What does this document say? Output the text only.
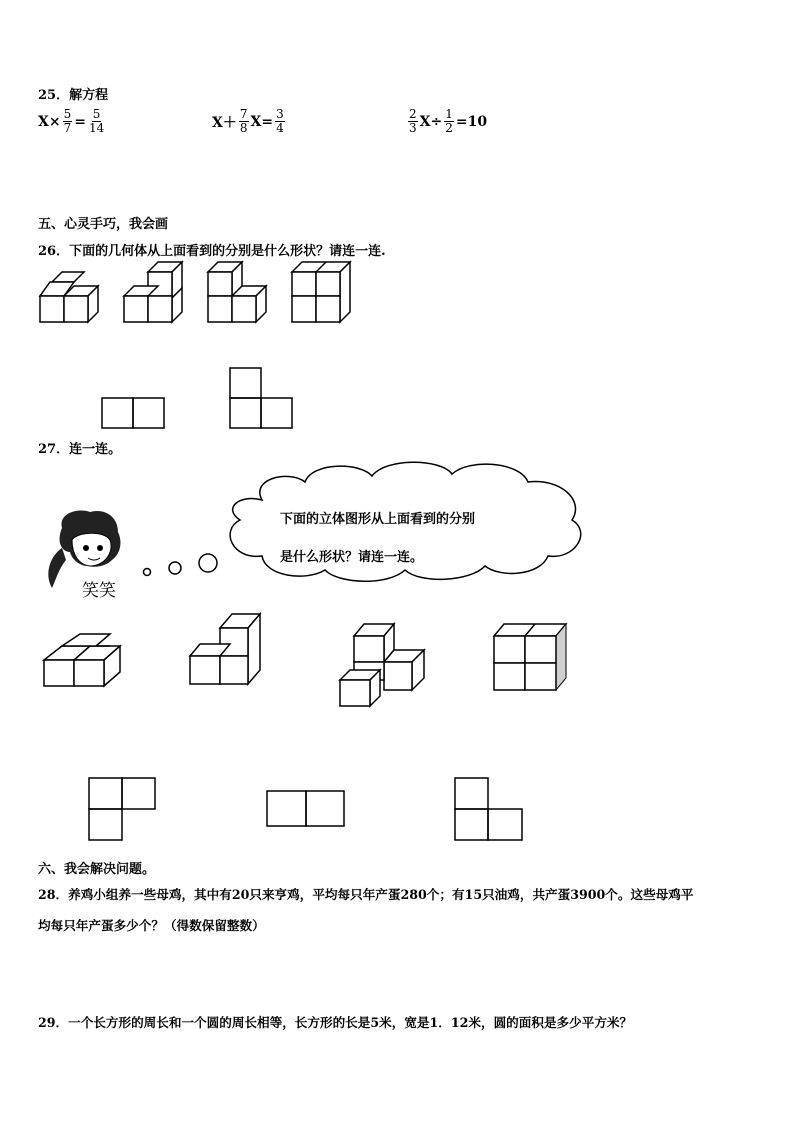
25．解方程
$X\times \frac{5}{7} = \frac{5}{14}$	$X+ \frac{7}{8} X= \frac{3}{4}$	$\frac{2}{3} X\div \frac{1}{2} =10$
五、心灵手巧，我会画
26．下面的几何体从上面看到的分别是什么形状？请连一连.
27．连一连。
下面的立体图形从上面看到的分别
是什么形状？请连一连。
笑笑
六、我会解决问题。
28．养鸡小组养一些母鸡，其中有20只来亨鸡，平均每只年产蛋280个；有15只油鸡，共产蛋3900个。这些母鸡平
均每只年产蛋多少个？（得数保留整数）
29．一个长方形的周长和一个圆的周长相等，长方形的长是5米，宽是1．12米，圆的面积是多少平方米？
